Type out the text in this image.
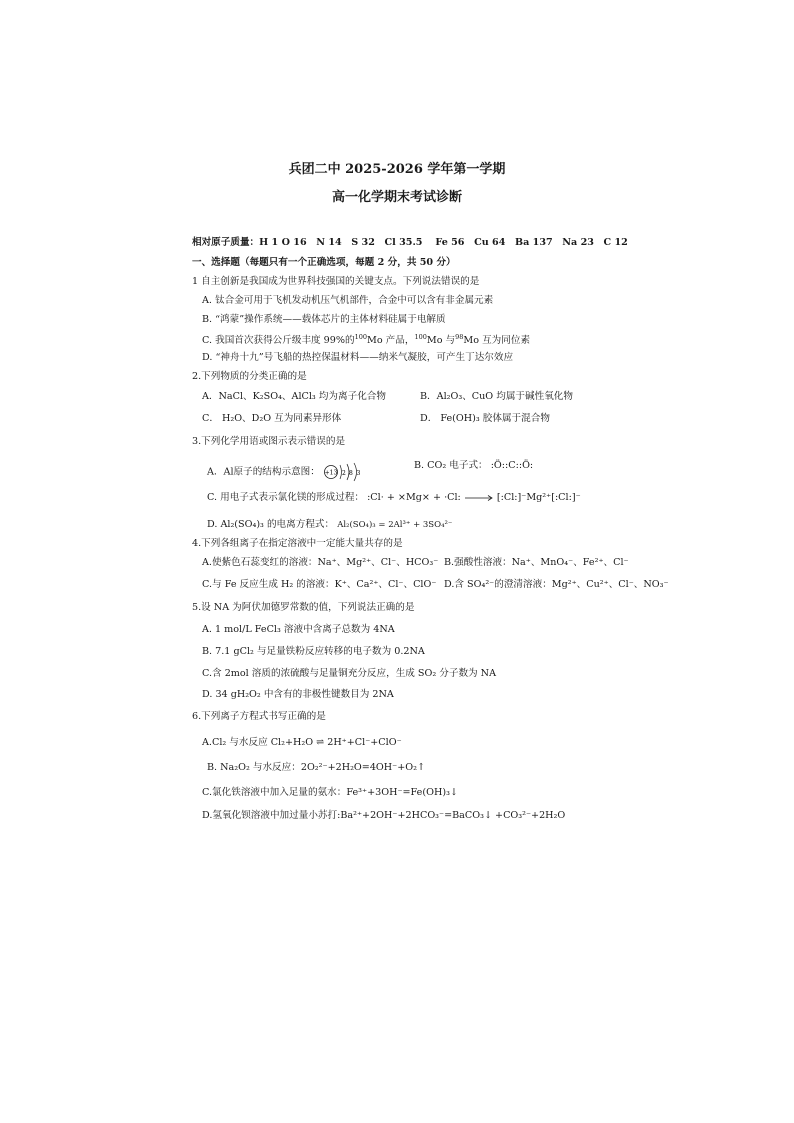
兵团二中 2025-2026 学年第一学期
高一化学期末考试诊断
相对原子质量：H 1 O 16　N 14　S 32　Cl 35.5　 Fe 56　Cu 64　Ba 137　Na 23　C 12
一、选择题（每题只有一个正确选项，每题 2 分，共 50 分）
1 自主创新是我国成为世界科技强国的关键支点。下列说法错误的是
A. 钛合金可用于飞机发动机压气机部件，合金中可以含有非金属元素
B. “鸿蒙”操作系统——载体芯片的主体材料硅属于电解质
C. 我国首次获得公斤级丰度 99%的$^{100}$Mo 产品，$^{100}$Mo 与$^{98}$Mo 互为同位素
D. “神舟十九”号飞船的热控保温材料——纳米气凝胶，可产生丁达尔效应
2.下列物质的分类正确的是
A．NaCl、K₂SO₄、AlCl₃ 均为离子化合物	B．Al₂O₃、CuO 均属于碱性氧化物
C． H₂O、D₂O 互为同素异形体	D． Fe(OH)₃ 胶体属于混合物
3.下列化学用语或图示表示错误的是
A．Al原子的结构示意图： +13 2 8 3
B. CO₂ 电子式： :Ö::C::Ö:
C. 用电子式表示氯化镁的形成过程： :Cl· + ×Mg× + ·Cl:	[:Cl:]⁻Mg²⁺[:Cl:]⁻
D. Al₂(SO₄)₃ 的电离方程式： Al₂(SO₄)₃ = 2Al³⁺ + 3SO₄²⁻
4.下列各组离子在指定溶液中一定能大量共存的是
A.使紫色石蕊变红的溶液：Na⁺、Mg²⁺、Cl⁻、HCO₃⁻ B.强酸性溶液：Na⁺、MnO₄⁻、Fe²⁺、Cl⁻
C.与 Fe 反应生成 H₂ 的溶液：K⁺、Ca²⁺、Cl⁻、ClO⁻ D.含 SO₄²⁻的澄清溶液：Mg²⁺、Cu²⁺、Cl⁻、NO₃⁻
5.设 NA 为阿伏加德罗常数的值，下列说法正确的是
A. 1 mol/L FeCl₃ 溶液中含离子总数为 4NA
B. 7.1 gCl₂ 与足量铁粉反应转移的电子数为 0.2NA
C.含 2mol 溶质的浓硫酸与足量铜充分反应，生成 SO₂ 分子数为 NA
D. 34 gH₂O₂ 中含有的非极性键数目为 2NA
6.下列离子方程式书写正确的是
A.Cl₂ 与水反应 Cl₂+H₂O ⇌ 2H⁺+Cl⁻+ClO⁻
B. Na₂O₂ 与水反应：2O₂²⁻+2H₂O=4OH⁻+O₂↑
C.氯化铁溶液中加入足量的氨水：Fe³⁺+3OH⁻=Fe(OH)₃↓
D.氢氧化钡溶液中加过量小苏打:Ba²⁺+2OH⁻+2HCO₃⁻=BaCO₃↓ +CO₃²⁻+2H₂O
